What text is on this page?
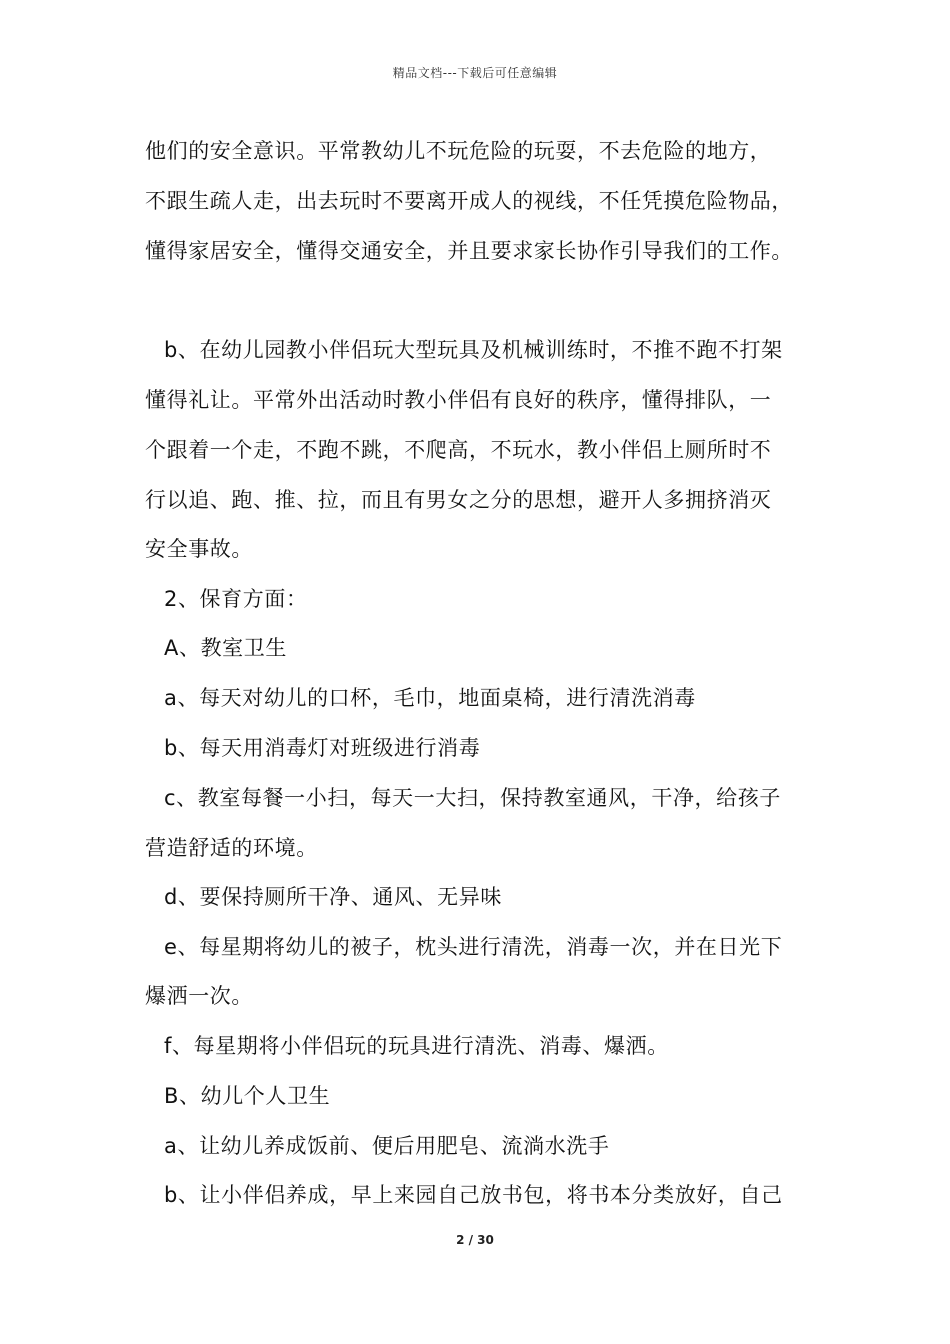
精品文档---下载后可任意编辑
他们的安全意识。平常教幼儿不玩危险的玩耍，不去危险的地方，
不跟生疏人走，出去玩时不要离开成人的视线，不任凭摸危险物品，
懂得家居安全，懂得交通安全，并且要求家长协作引导我们的工作。
b、在幼儿园教小伴侣玩大型玩具及机械训练时，不推不跑不打架
懂得礼让。平常外出活动时教小伴侣有良好的秩序，懂得排队，一
个跟着一个走，不跑不跳，不爬高，不玩水，教小伴侣上厕所时不
行以追、跑、推、拉，而且有男女之分的思想，避开人多拥挤消灭
安全事故。
2、保育方面：
A、教室卫生
a、每天对幼儿的口杯，毛巾，地面桌椅，进行清洗消毒
b、每天用消毒灯对班级进行消毒
c、教室每餐一小扫，每天一大扫，保持教室通风，干净，给孩子
营造舒适的环境。
d、要保持厕所干净、通风、无异味
e、每星期将幼儿的被子，枕头进行清洗，消毒一次，并在日光下
爆洒一次。
f、每星期将小伴侣玩的玩具进行清洗、消毒、爆洒。
B、幼儿个人卫生
a、让幼儿养成饭前、便后用肥皂、流淌水洗手
b、让小伴侣养成，早上来园自己放书包，将书本分类放好，自己
2 / 30
